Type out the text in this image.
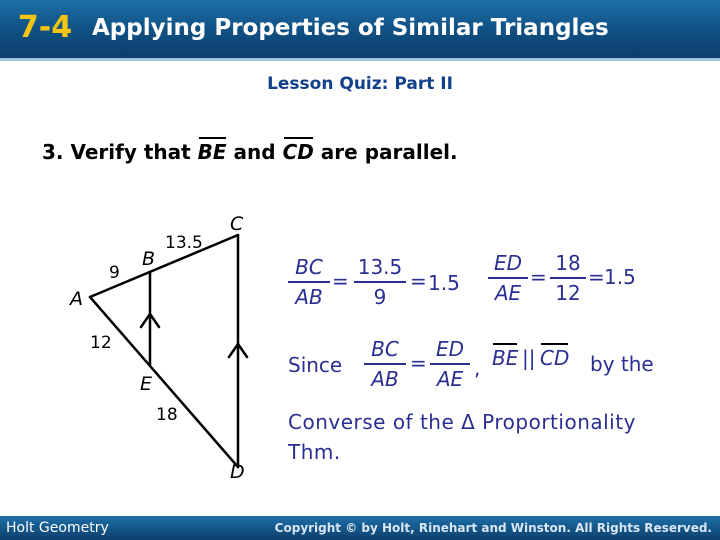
7-4 Applying Properties of Similar Triangles
Lesson Quiz: Part II
3. Verify that BE and CD are parallel.
A
B
C
D
E
9
13.5
12
18
BC
AB
=
13.5
9
= 1.5
ED
AE
=
18
12
= 1.5
Since
BC
AB
=
ED
AE , BE || CD by the
Converse of the Δ Proportionality
Thm.
Holt Geometry	Copyright © by Holt, Rinehart and Winston. All Rights Reserved.
